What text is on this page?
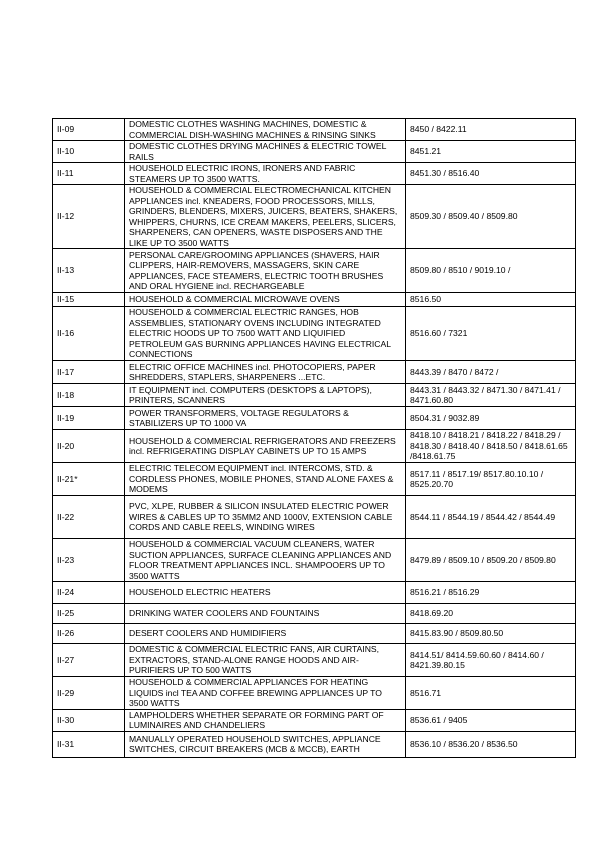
II-09	DOMESTIC CLOTHES WASHING MACHINES, DOMESTIC & COMMERCIAL DISH-WASHING MACHINES & RINSING SINKS	8450 / 8422.11
II-10	DOMESTIC CLOTHES DRYING MACHINES & ELECTRIC TOWEL RAILS	8451.21
II-11	HOUSEHOLD ELECTRIC IRONS, IRONERS AND FABRIC STEAMERS UP TO 3500 WATTS.	8451.30 / 8516.40
II-12	HOUSEHOLD & COMMERCIAL ELECTROMECHANICAL KITCHEN APPLIANCES incl. KNEADERS, FOOD PROCESSORS, MILLS, GRINDERS, BLENDERS, MIXERS, JUICERS, BEATERS, SHAKERS, WHIPPERS, CHURNS, ICE CREAM MAKERS, PEELERS, SLICERS, SHARPENERS, CAN OPENERS, WASTE DISPOSERS AND THE LIKE UP TO 3500 WATTS	8509.30 / 8509.40 / 8509.80
II-13	PERSONAL CARE/GROOMING APPLIANCES (SHAVERS, HAIR CLIPPERS, HAIR-REMOVERS, MASSAGERS, SKIN CARE APPLIANCES, FACE STEAMERS, ELECTRIC TOOTH BRUSHES AND ORAL HYGIENE incl. RECHARGEABLE	8509.80 / 8510 / 9019.10 /
II-15	HOUSEHOLD & COMMERCIAL MICROWAVE OVENS	8516.50
II-16	HOUSEHOLD & COMMERCIAL ELECTRIC RANGES, HOB ASSEMBLIES, STATIONARY OVENS INCLUDING INTEGRATED ELECTRIC HOODS UP TO 7500 WATT AND LIQUIFIED PETROLEUM GAS BURNING APPLIANCES HAVING ELECTRICAL CONNECTIONS	8516.60 / 7321
II-17	ELECTRIC OFFICE MACHINES incl. PHOTOCOPIERS, PAPER SHREDDERS, STAPLERS, SHARPENERS ...ETC.	8443.39 / 8470 / 8472 /
II-18	IT EQUIPMENT incl. COMPUTERS (DESKTOPS & LAPTOPS), PRINTERS, SCANNERS	8443.31 / 8443.32 / 8471.30 / 8471.41 / 8471.60.80
II-19	POWER TRANSFORMERS, VOLTAGE REGULATORS & STABILIZERS UP TO 1000 VA	8504.31 / 9032.89
II-20	HOUSEHOLD & COMMERCIAL REFRIGERATORS AND FREEZERS incl. REFRIGERATING DISPLAY CABINETS UP TO 15 AMPS	8418.10 / 8418.21 / 8418.22 / 8418.29 / 8418.30 / 8418.40 / 8418.50 / 8418.61.65 /8418.61.75
II-21*	ELECTRIC TELECOM EQUIPMENT incl. INTERCOMS, STD. & CORDLESS PHONES, MOBILE PHONES, STAND ALONE FAXES & MODEMS	8517.11 / 8517.19/ 8517.80.10.10 / 8525.20.70
II-22	PVC, XLPE, RUBBER & SILICON INSULATED ELECTRIC POWER WIRES & CABLES UP TO 35MM2 AND 1000V, EXTENSION CABLE CORDS AND CABLE REELS, WINDING WIRES	8544.11 / 8544.19 / 8544.42 / 8544.49
II-23	HOUSEHOLD & COMMERCIAL VACUUM CLEANERS, WATER SUCTION APPLIANCES, SURFACE CLEANING APPLIANCES AND FLOOR TREATMENT APPLIANCES INCL. SHAMPOOERS UP TO 3500 WATTS	8479.89 / 8509.10 / 8509.20 / 8509.80
II-24	HOUSEHOLD ELECTRIC HEATERS	8516.21 / 8516.29
II-25	DRINKING WATER COOLERS AND FOUNTAINS	8418.69.20
II-26	DESERT COOLERS AND HUMIDIFIERS	8415.83.90 / 8509.80.50
II-27	DOMESTIC & COMMERCIAL ELECTRIC FANS, AIR CURTAINS, EXTRACTORS, STAND-ALONE RANGE HOODS AND AIR-PURIFIERS UP TO 500 WATTS	8414.51/ 8414.59.60.60 / 8414.60 / 8421.39.80.15
II-29	HOUSEHOLD & COMMERCIAL APPLIANCES FOR HEATING LIQUIDS incl TEA AND COFFEE BREWING APPLIANCES UP TO 3500 WATTS	8516.71
II-30	LAMPHOLDERS WHETHER SEPARATE OR FORMING PART OF LUMINAIRES AND CHANDELIERS	8536.61 / 9405
II-31	MANUALLY OPERATED HOUSEHOLD SWITCHES, APPLIANCE SWITCHES, CIRCUIT BREAKERS (MCB & MCCB), EARTH	8536.10 / 8536.20 / 8536.50
